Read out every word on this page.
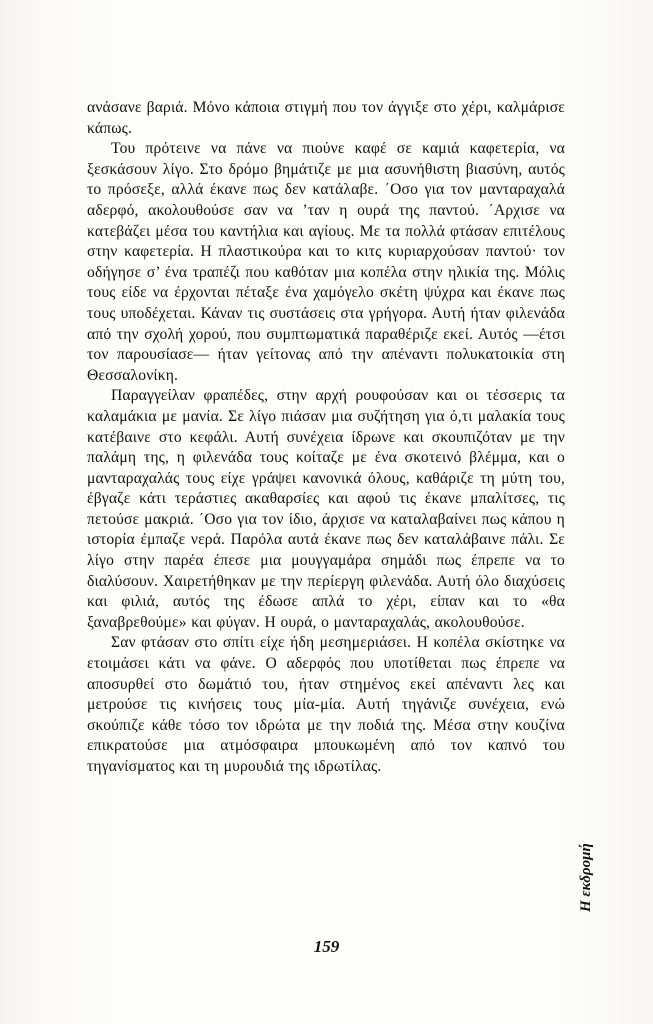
ανάσανε βαριά. Μόνο κάποια στιγμή που τον άγγιξε στο χέρι, καλμάρισε κάπως.

Του πρότεινε να πάνε να πιούνε καφέ σε καμιά καφετερία, να ξεσκάσουν λίγο. Στο δρόμο βημάτιζε με μια ασυνήθιστη βιασύνη, αυτός το πρόσεξε, αλλά έκανε πως δεν κατάλαβε. ΄Οσο για τον μανταραχαλά αδερφό, ακολουθούσε σαν να ’ταν η ουρά της παντού. ΄Αρχισε να κατεβάζει μέσα του καντήλια και αγίους. Με τα πολλά φτάσαν επιτέλους στην καφετερία. Η πλαστικούρα και το κιτς κυριαρχούσαν παντού· τον οδήγησε σ’ ένα τραπέζι που καθόταν μια κοπέλα στην ηλικία της. Μόλις τους είδε να έρχονται πέταξε ένα χαμόγελο σκέτη ψύχρα και έκανε πως τους υποδέχεται. Κάναν τις συστάσεις στα γρήγορα. Αυτή ήταν φιλενάδα από την σχολή χορού, που συμπτωματικά παραθέριζε εκεί. Αυτός —έτσι τον παρουσίασε— ήταν γείτονας από την απέναντι πολυκατοικία στη Θεσσαλονίκη.

Παραγγείλαν φραπέδες, στην αρχή ρουφούσαν και οι τέσσερις τα καλαμάκια με μανία. Σε λίγο πιάσαν μια συζήτηση για ό,τι μαλακία τους κατέβαινε στο κεφάλι. Αυτή συνέχεια ίδρωνε και σκουπιζόταν με την παλάμη της, η φιλενάδα τους κοίταζε με ένα σκοτεινό βλέμμα, και ο μανταραχαλάς τους είχε γράψει κανονικά όλους, καθάριζε τη μύτη του, έβγαζε κάτι τεράστιες ακαθαρσίες και αφού τις έκανε μπαλίτσες, τις πετούσε μακριά. ΄Οσο για τον ίδιο, άρχισε να καταλαβαίνει πως κάπου η ιστορία έμπαζε νερά. Παρόλα αυτά έκανε πως δεν καταλάβαινε πάλι. Σε λίγο στην παρέα έπεσε μια μουγγαμάρα σημάδι πως έπρεπε να το διαλύσουν. Χαιρετήθηκαν με την περίεργη φιλενάδα. Αυτή όλο διαχύσεις και φιλιά, αυτός της έδωσε απλά το χέρι, είπαν και το «θα ξαναβρεθούμε» και φύγαν. Η ουρά, ο μανταραχαλάς, ακολουθούσε.

Σαν φτάσαν στο σπίτι είχε ήδη μεσημεριάσει. Η κοπέλα σκίστηκε να ετοιμάσει κάτι να φάνε. Ο αδερφός που υποτίθεται πως έπρεπε να αποσυρθεί στο δωμάτιό του, ήταν στημένος εκεί απέναντι λες και μετρούσε τις κινήσεις τους μία-μία. Αυτή τηγάνιζε συνέχεια, ενώ σκούπιζε κάθε τόσο τον ιδρώτα με την ποδιά της. Μέσα στην κουζίνα επικρατούσε μια ατμόσφαιρα μπουκωμένη από τον καπνό του τηγανίσματος και τη μυρουδιά της ιδρωτίλας.

Η εκδρομή
159
